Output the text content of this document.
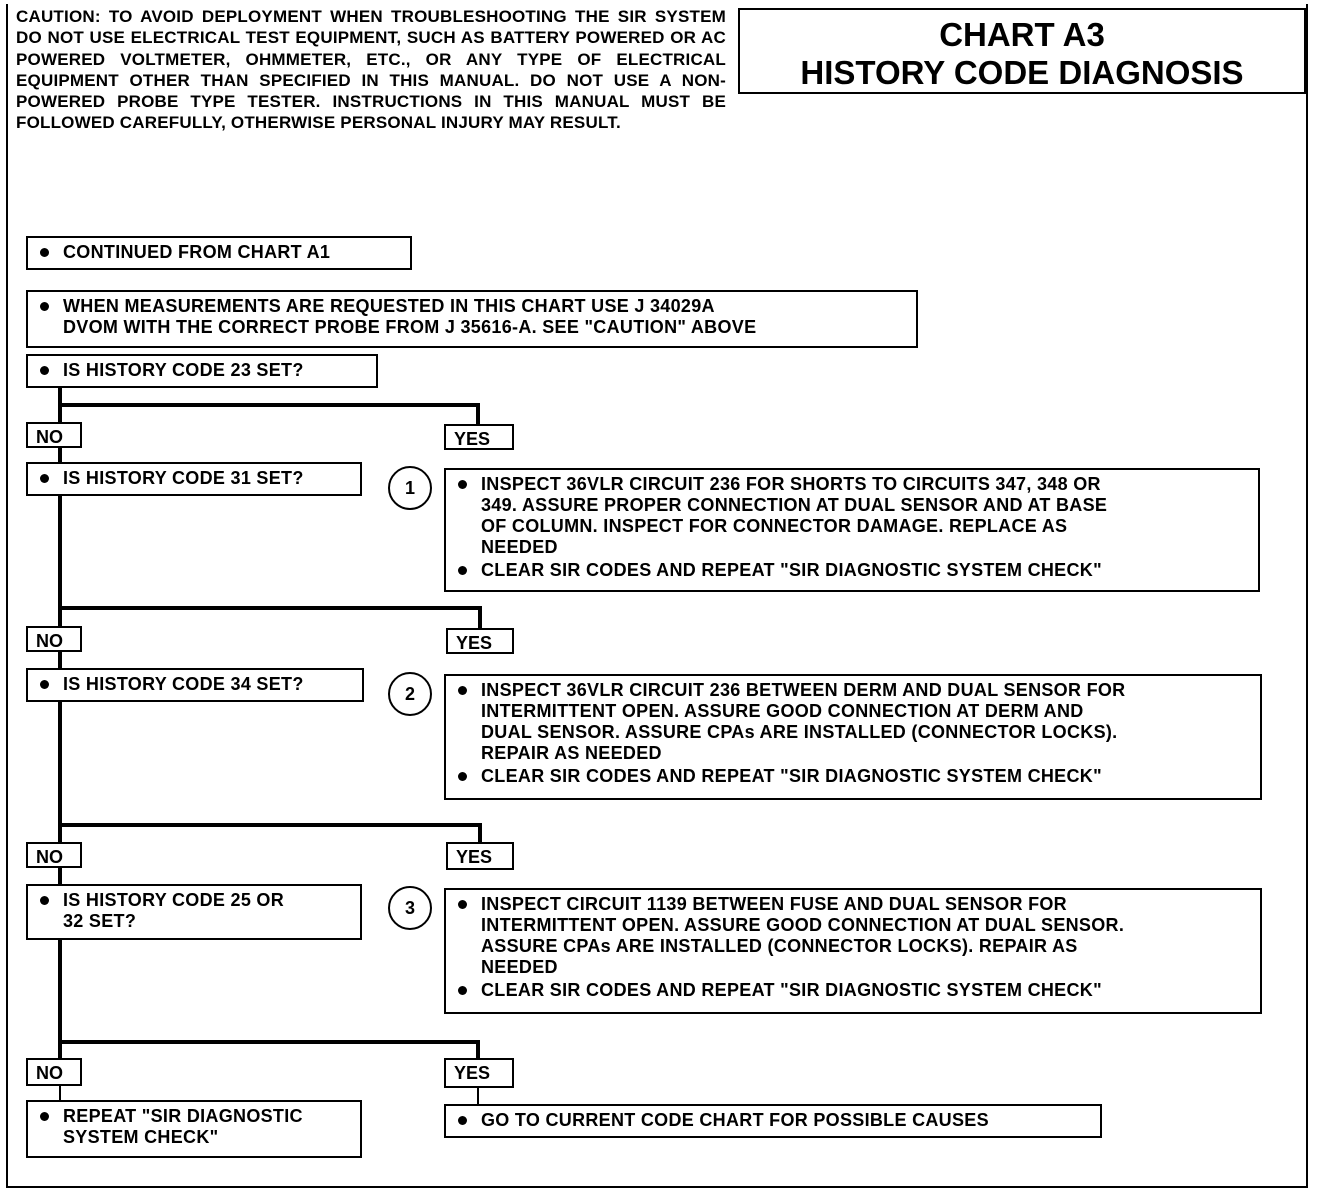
CAUTION: TO AVOID DEPLOYMENT WHEN TROUBLESHOOTING THE SIR SYSTEM DO NOT USE ELECTRICAL TEST EQUIPMENT, SUCH AS BATTERY POWERED OR AC POWERED VOLTMETER, OHMMETER, ETC., OR ANY TYPE OF ELECTRICAL EQUIPMENT OTHER THAN SPECIFIED IN THIS MANUAL. DO NOT USE A NON-POWERED PROBE TYPE TESTER. INSTRUCTIONS IN THIS MANUAL MUST BE FOLLOWED CAREFULLY, OTHERWISE PERSONAL INJURY MAY RESULT.
CHART A3
HISTORY CODE DIAGNOSIS
CONTINUED FROM CHART A1
WHEN MEASUREMENTS ARE REQUESTED IN THIS CHART USE J 34029A
DVOM WITH THE CORRECT PROBE FROM J 35616-A. SEE "CAUTION" ABOVE
IS HISTORY CODE 23 SET?
NO	YES
IS HISTORY CODE 31 SET?	1	INSPECT 36VLR CIRCUIT 236 FOR SHORTS TO CIRCUITS 347, 348 OR
349. ASSURE PROPER CONNECTION AT DUAL SENSOR AND AT BASE
OF COLUMN. INSPECT FOR CONNECTOR DAMAGE. REPLACE AS
NEEDED
CLEAR SIR CODES AND REPEAT "SIR DIAGNOSTIC SYSTEM CHECK"
NO	YES
IS HISTORY CODE 34 SET?	2	INSPECT 36VLR CIRCUIT 236 BETWEEN DERM AND DUAL SENSOR FOR
INTERMITTENT OPEN. ASSURE GOOD CONNECTION AT DERM AND
DUAL SENSOR. ASSURE CPAs ARE INSTALLED (CONNECTOR LOCKS).
REPAIR AS NEEDED
CLEAR SIR CODES AND REPEAT "SIR DIAGNOSTIC SYSTEM CHECK"
NO	YES
IS HISTORY CODE 25 OR
32 SET?
3	INSPECT CIRCUIT 1139 BETWEEN FUSE AND DUAL SENSOR FOR
INTERMITTENT OPEN. ASSURE GOOD CONNECTION AT DUAL SENSOR.
ASSURE CPAs ARE INSTALLED (CONNECTOR LOCKS). REPAIR AS
NEEDED
CLEAR SIR CODES AND REPEAT "SIR DIAGNOSTIC SYSTEM CHECK"
NO	YES
REPEAT "SIR DIAGNOSTIC
SYSTEM CHECK"
GO TO CURRENT CODE CHART FOR POSSIBLE CAUSES
